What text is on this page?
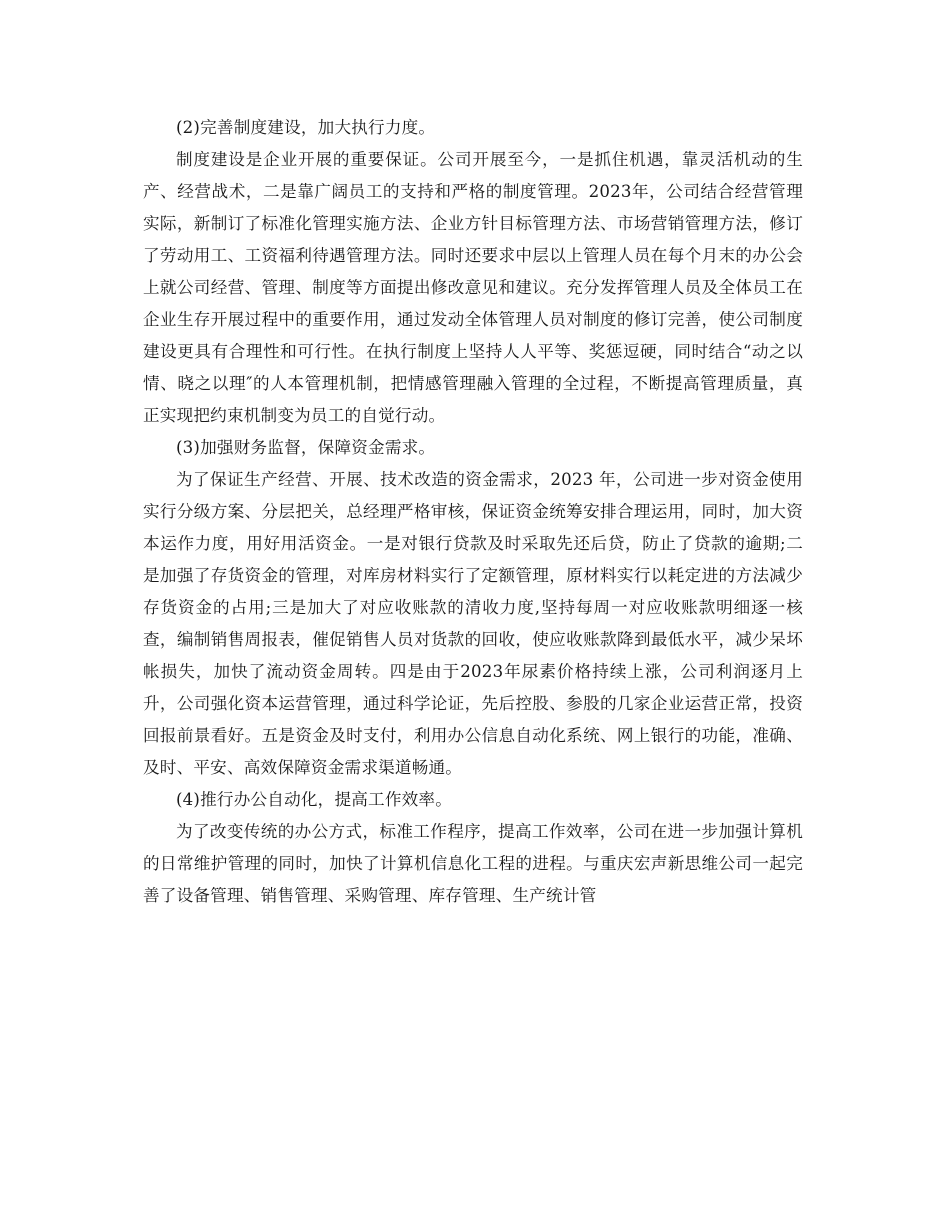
(2)完善制度建设，加大执行力度。

制度建设是企业开展的重要保证。公司开展至今，一是抓住机遇，靠灵活机动的生产、经营战术，二是靠广阔员工的支持和严格的制度管理。2023年，公司结合经营管理实际，新制订了标准化管理实施方法、企业方针目标管理方法、市场营销管理方法，修订了劳动用工、工资福利待遇管理方法。同时还要求中层以上管理人员在每个月末的办公会上就公司经营、管理、制度等方面提出修改意见和建议。充分发挥管理人员及全体员工在企业生存开展过程中的重要作用，通过发动全体管理人员对制度的修订完善，使公司制度建设更具有合理性和可行性。在执行制度上坚持人人平等、奖惩逗硬，同时结合“动之以情、晓之以理″的人本管理机制，把情感管理融入管理的全过程，不断提高管理质量，真正实现把约束机制变为员工的自觉行动。

(3)加强财务监督，保障资金需求。

为了保证生产经营、开展、技术改造的资金需求，2023 年，公司进一步对资金使用实行分级方案、分层把关，总经理严格审核，保证资金统筹安排合理运用，同时，加大资本运作力度，用好用活资金。一是对银行贷款及时采取先还后贷，防止了贷款的逾期;二是加强了存货资金的管理，对库房材料实行了定额管理，原材料实行以耗定进的方法减少存货资金的占用;三是加大了对应收账款的清收力度,坚持每周一对应收账款明细逐一核查，编制销售周报表，催促销售人员对货款的回收，使应收账款降到最低水平，减少呆坏帐损失，加快了流动资金周转。四是由于2023年尿素价格持续上涨，公司利润逐月上升，公司强化资本运营管理，通过科学论证，先后控股、参股的几家企业运营正常，投资回报前景看好。五是资金及时支付，利用办公信息自动化系统、网上银行的功能，准确、及时、平安、高效保障资金需求渠道畅通。

(4)推行办公自动化，提高工作效率。

为了改变传统的办公方式，标准工作程序，提高工作效率，公司在进一步加强计算机的日常维护管理的同时，加快了计算机信息化工程的进程。与重庆宏声新思维公司一起完善了设备管理、销售管理、采购管理、库存管理、生产统计管
